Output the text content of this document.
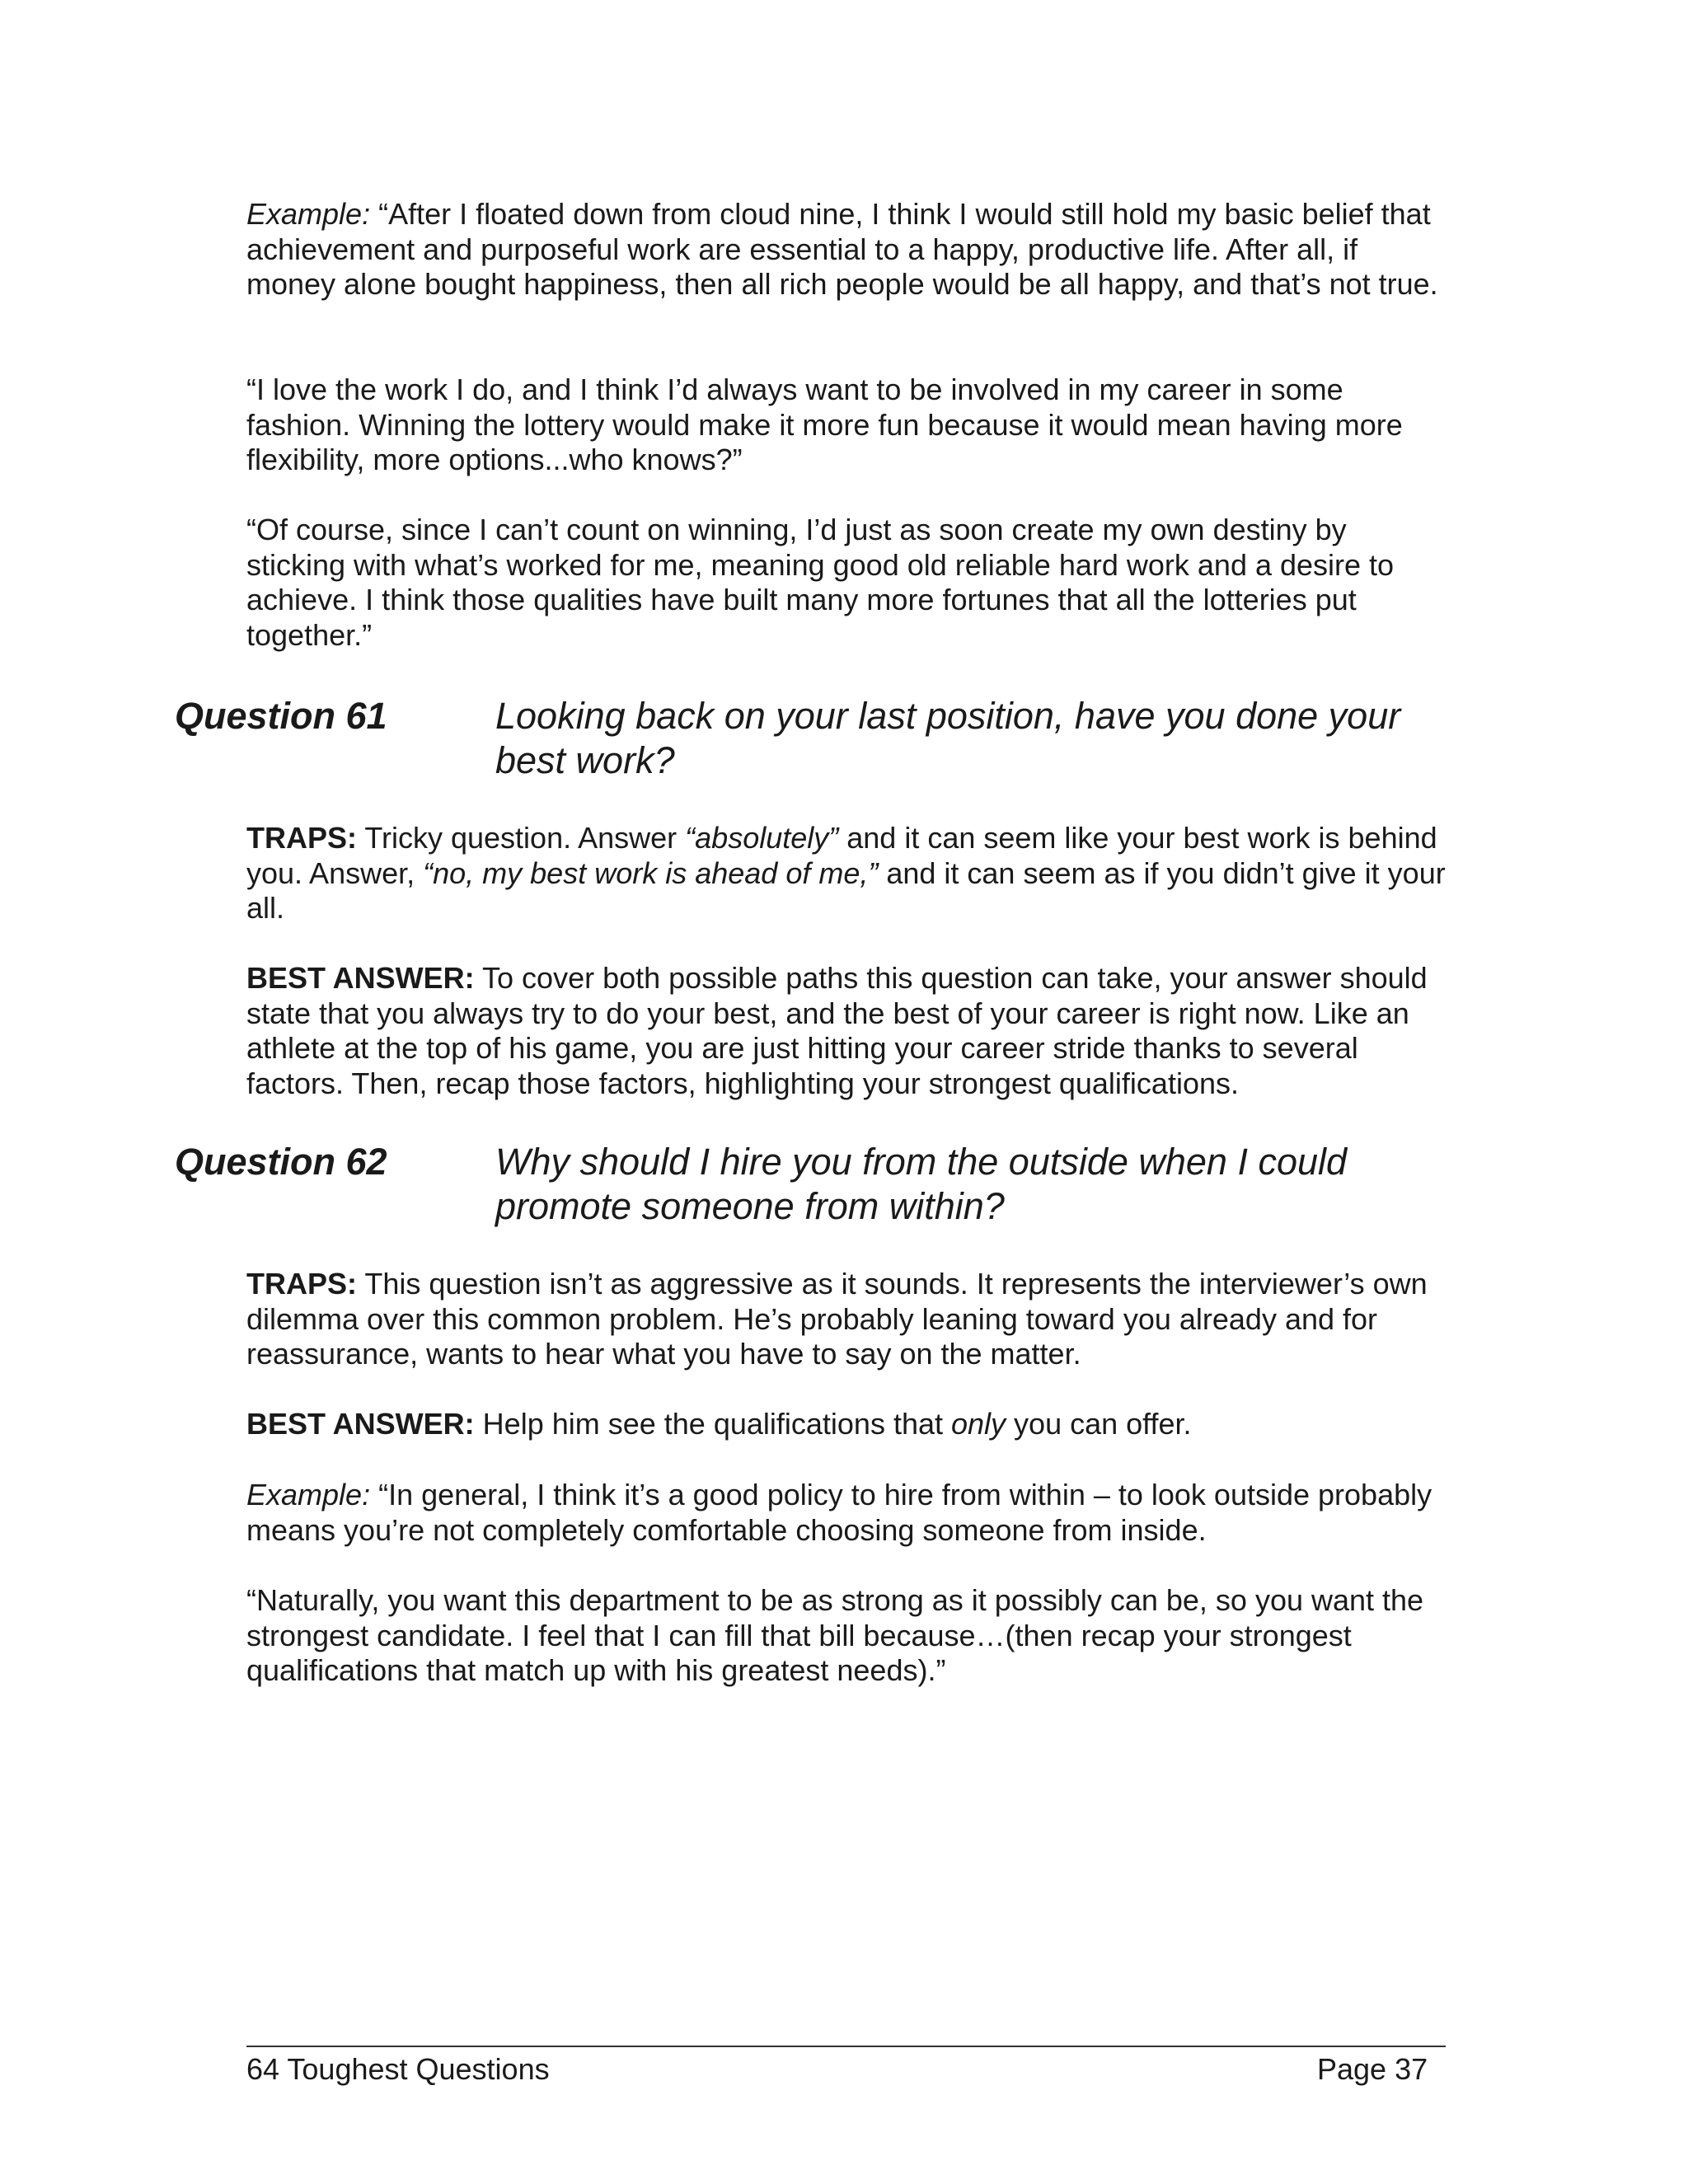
Example: “After I floated down from cloud nine, I think I would still hold my basic belief that achievement and purposeful work are essential to a happy, productive life. After all, if money alone bought happiness, then all rich people would be all happy, and that’s not true.

“I love the work I do, and I think I’d always want to be involved in my career in some fashion. Winning the lottery would make it more fun because it would mean having more flexibility, more options...who knows?”

“Of course, since I can’t count on winning, I’d just as soon create my own destiny by sticking with what’s worked for me, meaning good old reliable hard work and a desire to achieve. I think those qualities have built many more fortunes that all the lotteries put together.”

Question 61	Looking back on your last position, have you done your best work?

TRAPS: Tricky question. Answer “absolutely” and it can seem like your best work is behind you. Answer, “no, my best work is ahead of me,” and it can seem as if you didn’t give it your all.

BEST ANSWER: To cover both possible paths this question can take, your answer should state that you always try to do your best, and the best of your career is right now. Like an athlete at the top of his game, you are just hitting your career stride thanks to several factors. Then, recap those factors, highlighting your strongest qualifications.

Question 62	Why should I hire you from the outside when I could promote someone from within?

TRAPS: This question isn’t as aggressive as it sounds. It represents the interviewer’s own dilemma over this common problem. He’s probably leaning toward you already and for reassurance, wants to hear what you have to say on the matter.

BEST ANSWER: Help him see the qualifications that only you can offer.

Example: “In general, I think it’s a good policy to hire from within – to look outside probably means you’re not completely comfortable choosing someone from inside.

“Naturally, you want this department to be as strong as it possibly can be, so you want the strongest candidate. I feel that I can fill that bill because…(then recap your strongest qualifications that match up with his greatest needs).”

64 Toughest Questions	Page 37
